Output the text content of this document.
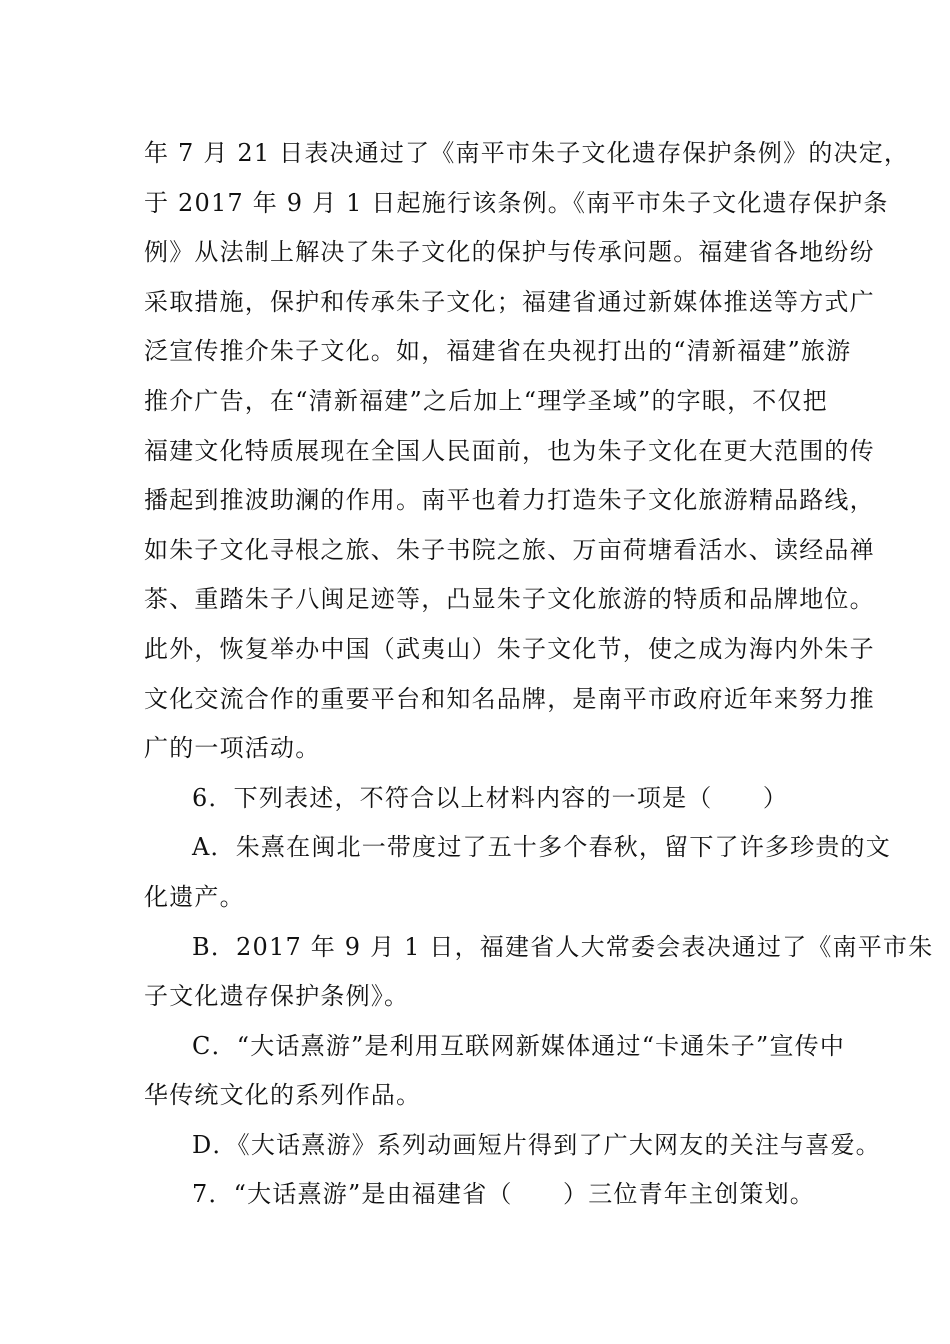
年 7 月 21 日表决通过了《南平市朱子文化遗存保护条例》的决定，
于 2017 年 9 月 1 日起施行该条例。《南平市朱子文化遗存保护条
例》从法制上解决了朱子文化的保护与传承问题。福建省各地纷纷
采取措施，保护和传承朱子文化；福建省通过新媒体推送等方式广
泛宣传推介朱子文化。如，福建省在央视打出的“清新福建”旅游
推介广告，在“清新福建”之后加上“理学圣域”的字眼，不仅把
福建文化特质展现在全国人民面前，也为朱子文化在更大范围的传
播起到推波助澜的作用。南平也着力打造朱子文化旅游精品路线，
如朱子文化寻根之旅、朱子书院之旅、万亩荷塘看活水、读经品禅
茶、重踏朱子八闽足迹等，凸显朱子文化旅游的特质和品牌地位。
此外，恢复举办中国（武夷山）朱子文化节，使之成为海内外朱子
文化交流合作的重要平台和知名品牌，是南平市政府近年来努力推
广的一项活动。
6．下列表述，不符合以上材料内容的一项是（　　）
A．朱熹在闽北一带度过了五十多个春秋，留下了许多珍贵的文
化遗产。
B．2017 年 9 月 1 日，福建省人大常委会表决通过了《南平市朱
子文化遗存保护条例》。
C．“大话熹游”是利用互联网新媒体通过“卡通朱子”宣传中
华传统文化的系列作品。
D．《大话熹游》系列动画短片得到了广大网友的关注与喜爱。
7．“大话熹游”是由福建省（　　）三位青年主创策划。
